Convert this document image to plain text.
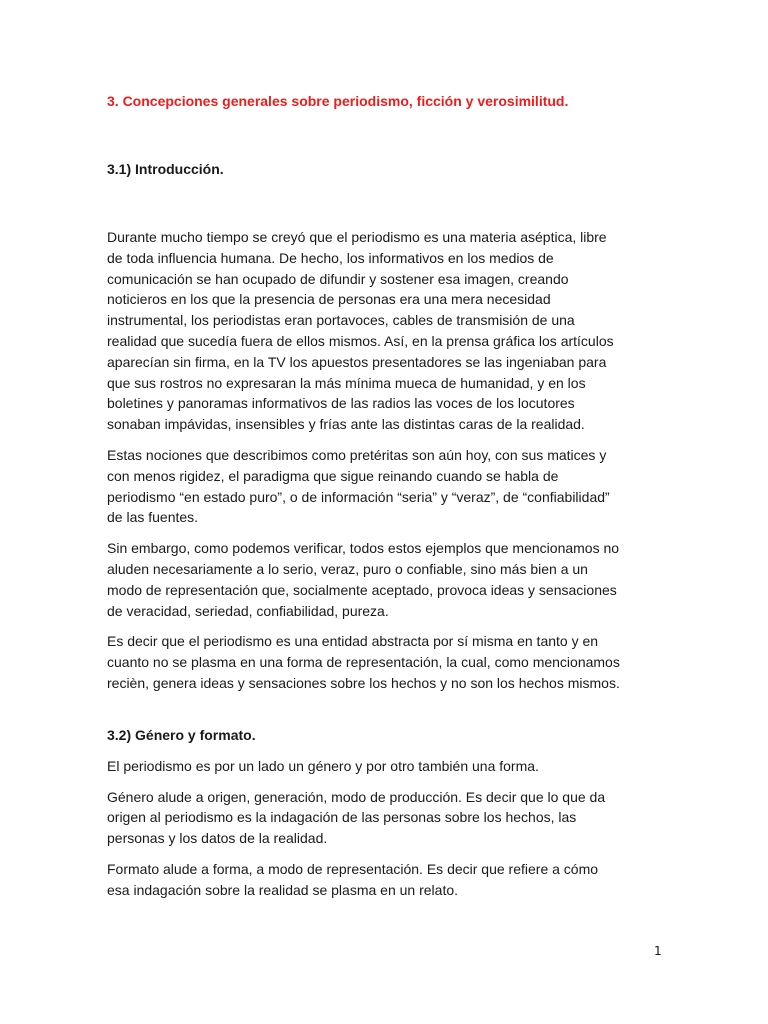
3. Concepciones generales sobre periodismo, ficción y verosimilitud.
3.1) Introducción.

Durante mucho tiempo se creyó que el periodismo es una materia aséptica, libre
de toda influencia humana. De hecho, los informativos en los medios de
comunicación se han ocupado de difundir y sostener esa imagen, creando
noticieros en los que la presencia de personas era una mera necesidad
instrumental, los periodistas eran portavoces, cables de transmisión de una
realidad que sucedía fuera de ellos mismos. Así, en la prensa gráfica los artículos
aparecían sin firma, en la TV los apuestos presentadores se las ingeniaban para
que sus rostros no expresaran la más mínima mueca de humanidad, y en los
boletines y panoramas informativos de las radios las voces de los locutores
sonaban impávidas, insensibles y frías ante las distintas caras de la realidad.

Estas nociones que describimos como pretéritas son aún hoy, con sus matices y
con menos rigidez, el paradigma que sigue reinando cuando se habla de
periodismo “en estado puro”, o de información “seria” y “veraz”, de “confiabilidad”
de las fuentes.

Sin embargo, como podemos verificar, todos estos ejemplos que mencionamos no
aluden necesariamente a lo serio, veraz, puro o confiable, sino más bien a un
modo de representación que, socialmente aceptado, provoca ideas y sensaciones
de veracidad, seriedad, confiabilidad, pureza.

Es decir que el periodismo es una entidad abstracta por sí misma en tanto y en
cuanto no se plasma en una forma de representación, la cual, como mencionamos
recièn, genera ideas y sensaciones sobre los hechos y no son los hechos mismos.

3.2) Género y formato.

El periodismo es por un lado un género y por otro también una forma.

Género alude a origen, generación, modo de producción. Es decir que lo que da
origen al periodismo es la indagación de las personas sobre los hechos, las
personas y los datos de la realidad.

Formato alude a forma, a modo de representación. Es decir que refiere a cómo
esa indagación sobre la realidad se plasma en un relato.

1
